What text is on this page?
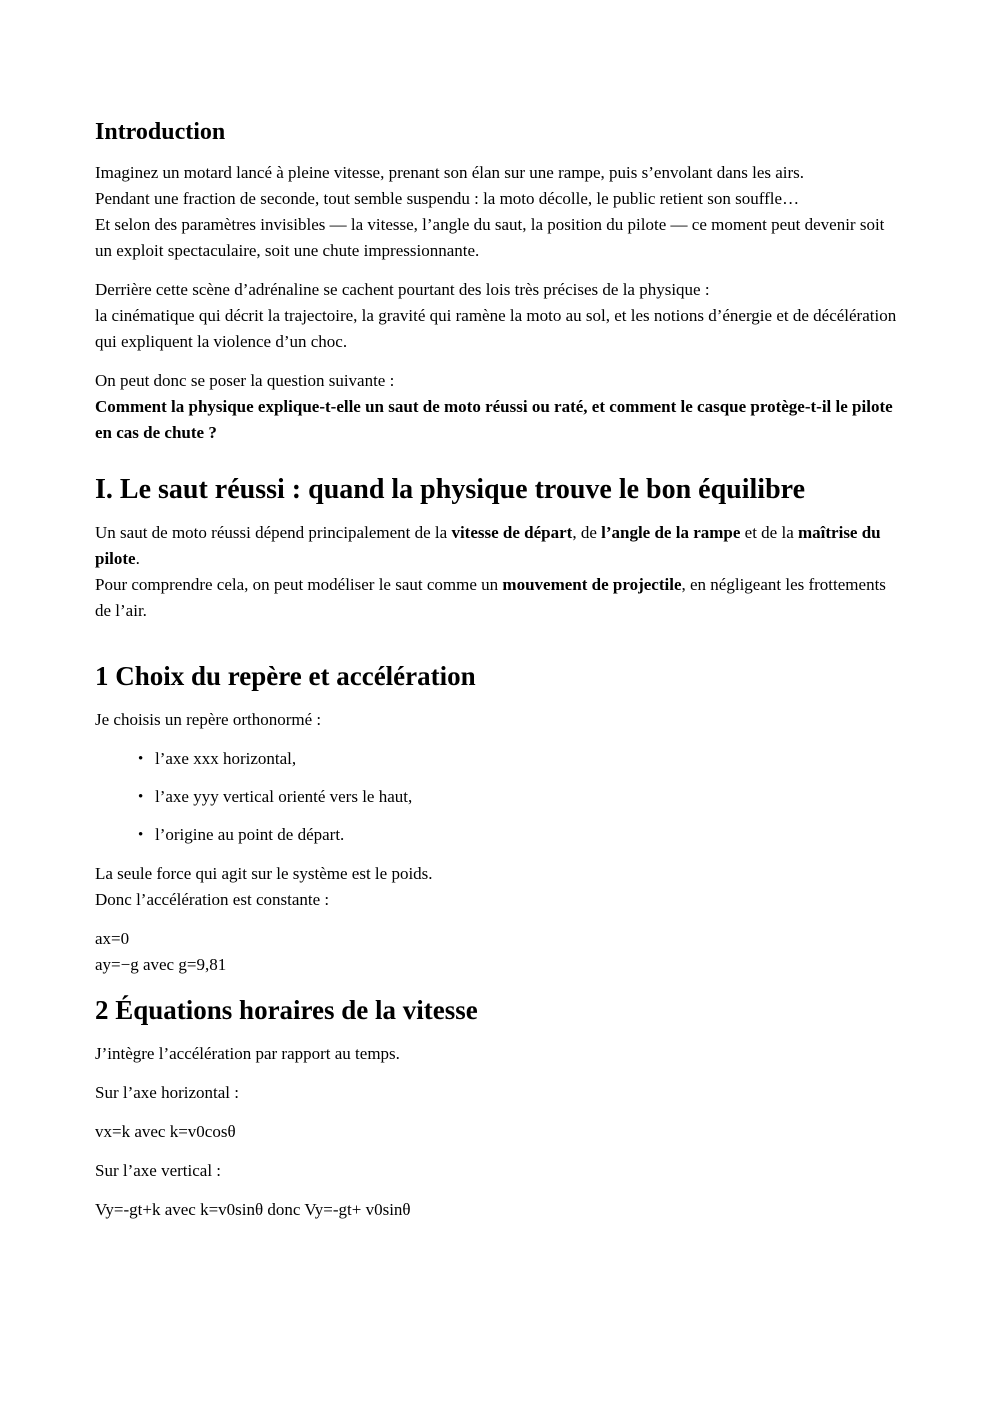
Introduction

Imaginez un motard lancé à pleine vitesse, prenant son élan sur une rampe, puis s’envolant dans les airs.
Pendant une fraction de seconde, tout semble suspendu : la moto décolle, le public retient son souffle…
Et selon des paramètres invisibles — la vitesse, l’angle du saut, la position du pilote — ce moment peut devenir soit un exploit spectaculaire, soit une chute impressionnante.

Derrière cette scène d’adrénaline se cachent pourtant des lois très précises de la physique :
la cinématique qui décrit la trajectoire, la gravité qui ramène la moto au sol, et les notions d’énergie et de décélération qui expliquent la violence d’un choc.

On peut donc se poser la question suivante :
Comment la physique explique-t-elle un saut de moto réussi ou raté, et comment le casque protège-t-il le pilote en cas de chute ?

I. Le saut réussi : quand la physique trouve le bon équilibre

Un saut de moto réussi dépend principalement de la vitesse de départ, de l’angle de la rampe et de la maîtrise du pilote.
Pour comprendre cela, on peut modéliser le saut comme un mouvement de projectile, en négligeant les frottements de l’air.

1 Choix du repère et accélération

Je choisis un repère orthonormé :

• l’axe xxx horizontal,
• l’axe yyy vertical orienté vers le haut,
• l’origine au point de départ.

La seule force qui agit sur le système est le poids.
Donc l’accélération est constante :

ax=0
ay=−g avec g=9,81

2 Équations horaires de la vitesse

J’intègre l’accélération par rapport au temps.

Sur l’axe horizontal :

vx=k avec k=v0cosθ

Sur l’axe vertical :

Vy=-gt+k avec k=v0sinθ donc Vy=-gt+ v0sinθ
